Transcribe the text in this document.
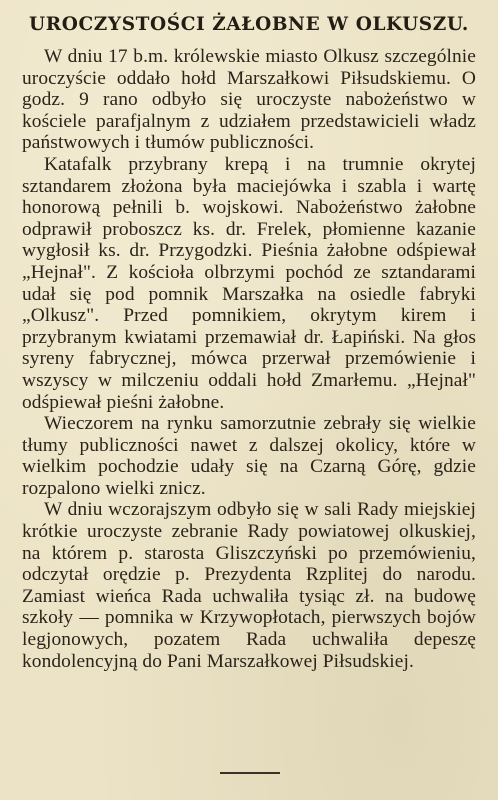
UROCZYSTOŚCI ŻAŁOBNE W OLKUSZU.

W dniu 17 b.m. królewskie miasto Olkusz szczególnie uroczyście oddało hołd Marszałkowi Piłsudskiemu. O godz. 9 rano odbyło się uroczyste nabożeństwo w kościele parafjalnym z udziałem przedstawicieli władz państwowych i tłumów publiczności.

Katafalk przybrany krepą i na trumnie okrytej sztandarem złożona była maciejówka i szabla i wartę honorową pełnili b. wojskowi. Nabożeństwo żałobne odprawił proboszcz ks. dr. Frelek, płomienne kazanie wygłosił ks. dr. Przygodzki. Pieśnia żałobne odśpiewał „Hejnał". Z kościoła olbrzymi pochód ze sztandarami udał się pod pomnik Marszałka na osiedle fabryki „Olkusz". Przed pomnikiem, okrytym kirem i przybranym kwiatami przemawiał dr. Łapiński. Na głos syreny fabrycznej, mówca przerwał przemówienie i wszyscy w milczeniu oddali hołd Zmarłemu. „Hejnał" odśpiewał pieśni żałobne.

Wieczorem na rynku samorzutnie zebrały się wielkie tłumy publiczności nawet z dalszej okolicy, które w wielkim pochodzie udały się na Czarną Górę, gdzie rozpalono wielki znicz.

W dniu wczorajszym odbyło się w sali Rady miejskiej krótkie uroczyste zebranie Rady powiatowej olkuskiej, na którem p. starosta Gliszczyński po przemówieniu, odczytał orędzie p. Prezydenta Rzplitej do narodu. Zamiast wieńca Rada uchwaliła tysiąc zł. na budowę szkoły — pomnika w Krzywopłotach, pierwszych bojów legjonowych, pozatem Rada uchwaliła depeszę kondolencyjną do Pani Marszałkowej Piłsudskiej.
